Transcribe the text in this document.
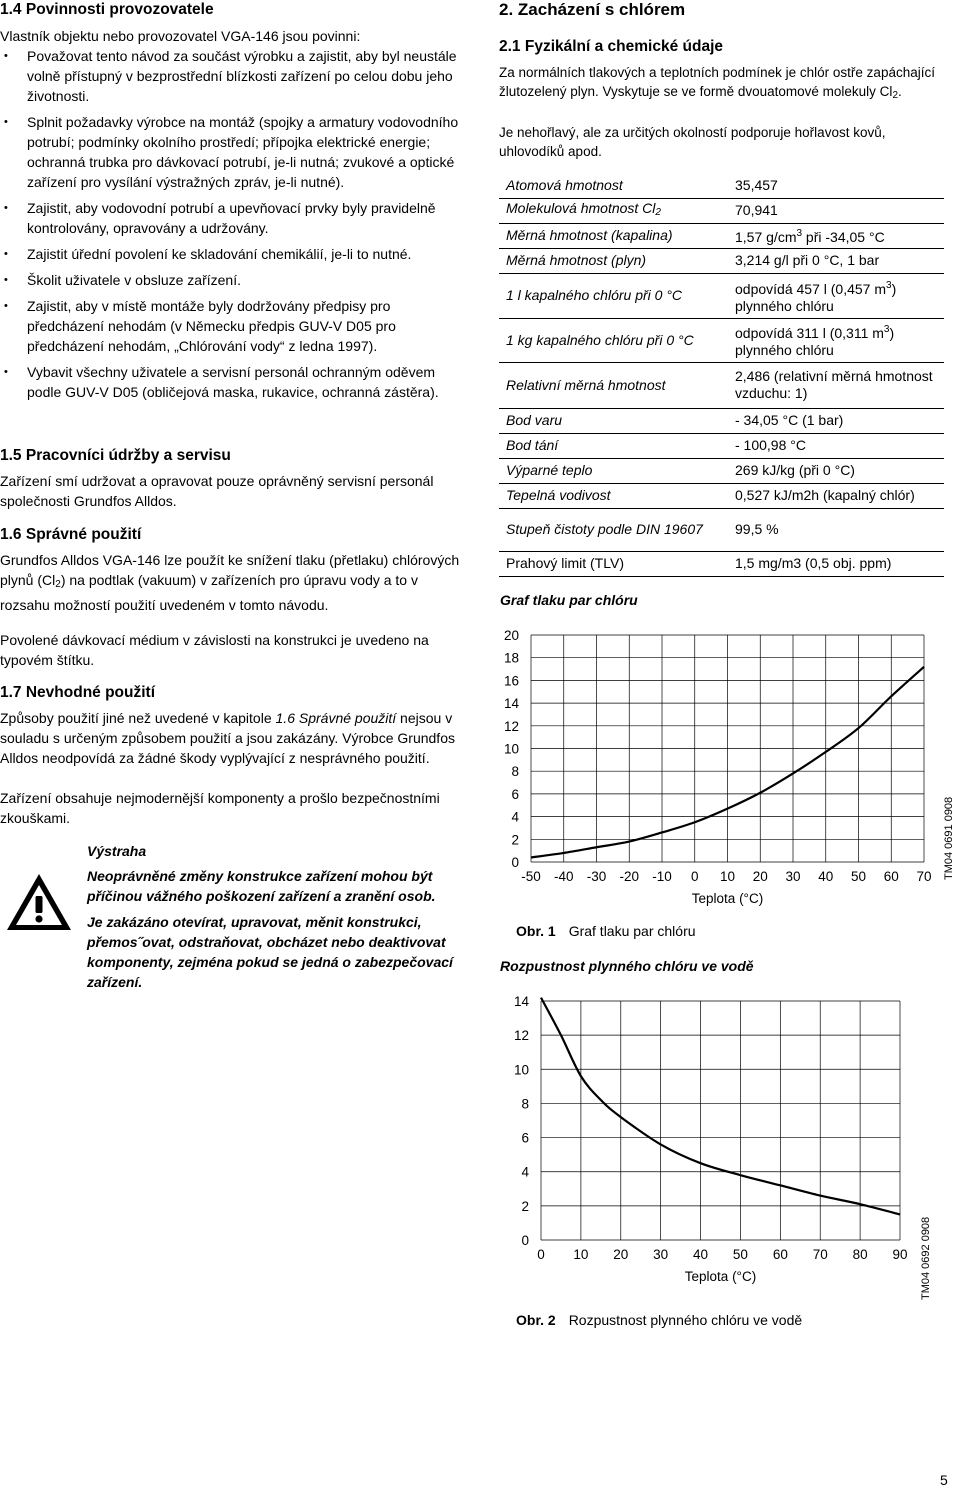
1.4 Povinnosti provozovatele

Vlastník objektu nebo provozovatel VGA-146 jsou povinni:

• Považovat tento návod za součást výrobku a zajistit, aby byl neustále volně přístupný v bezprostřední blízkosti zařízení po celou dobu jeho životnosti.
• Splnit požadavky výrobce na montáž (spojky a armatury vodovodního potrubí; podmínky okolního prostředí; přípojka elektrické energie; ochranná trubka pro dávkovací potrubí, je-li nutná; zvukové a optické zařízení pro vysílání výstražných zpráv, je-li nutné).
• Zajistit, aby vodovodní potrubí a upevňovací prvky byly pravidelně kontrolovány, opravovány a udržovány.
• Zajistit úřední povolení ke skladování chemikálií, je-li to nutné.
• Školit uživatele v obsluze zařízení.
• Zajistit, aby v místě montáže byly dodržovány předpisy pro předcházení nehodám (v Německu předpis GUV-V D05 pro předcházení nehodám, „Chlórování vody“ z ledna 1997).
• Vybavit všechny uživatele a servisní personál ochranným oděvem podle GUV-V D05 (obličejová maska, rukavice, ochranná zástěra).
1.5 Pracovníci údržby a servisu

Zařízení smí udržovat a opravovat pouze oprávněný servisní personál společnosti Grundfos Alldos.

1.6 Správné použití

Grundfos Alldos VGA-146 lze použít ke snížení tlaku (přetlaku) chlórových plynů $(Cl_2)$ na podtlak (vakuum) v zařízeních pro úpravu vody a to v rozsahu možností použití uvedeném v tomto návodu.

Povolené dávkovací médium v závislosti na konstrukci je uvedeno na typovém štítku.

1.7 Nevhodné použití

Způsoby použití jiné než uvedené v kapitole 1.6 Správné použití nejsou v souladu s určeným způsobem použití a jsou zakázány. Výrobce Grundfos Alldos neodpovídá za žádné škody vyplývající z nesprávného použití.

Zařízení obsahuje nejmodernější komponenty a prošlo bezpečnostními zkouškami.

Výstraha
Neoprávněné změny konstrukce zařízení mohou být příčinou vážného poškození zařízení a zranění osob.
Je zakázáno otevírat, upravovat, měnit konstrukci, přemos˝ovat, odstraňovat, obcházet nebo deaktivovat komponenty, zejména pokud se jedná o zabezpečovací zařízení.
2. Zacházení s chlórem
2.1 Fyzikální a chemické údaje

Za normálních tlakových a teplotních podmínek je chlór ostře zapáchající žlutozelený plyn. Vyskytuje se ve formě dvouatomové molekuly $Cl_2$.

Je nehořlavý, ale za určitých okolností podporuje hořlavost kovů, uhlovodíků apod.

Atomová hmotnost	35,457
Molekulová hmotnost $Cl_2$	70,941
Měrná hmotnost (kapalina)	1,57 $g/cm^3$ při -34,05 °C
Měrná hmotnost (plyn)	3,214 g/l při 0 °C, 1 bar
1 l kapalného chlóru při 0 °C	odpovídá 457 l (0,457 $m^3$) plynného chlóru
1 kg kapalného chlóru při 0 °C	odpovídá 311 l (0,311 $m^3$) plynného chlóru
Relativní měrná hmotnost	2,486 (relativní měrná hmotnost vzduchu: 1)
Bod varu	- 34,05 °C (1 bar)
Bod tání	- 100,98 °C
Výparné teplo	269 kJ/kg (při 0 °C)
Tepelná vodivost	0,527 kJ/m2h (kapalný chlór)
Stupeň čistoty podle DIN 19607	99,5 %
Prahový limit (TLV)	1,5 mg/m3 (0,5 obj. ppm)
Graf tlaku par chlóru
-50 -40 -30 -20 -10 0 10 20 30 40 50 60 70
0
2
4
6
8
10
12
14
16
18
20
Teplota (°C)
Obr. 1 Graf tlaku par chlóru
TM04 0691 0908
Rozpustnost plynného chlóru ve vodě
0 10 20 30 40 50 60 70 80 90
0
2
4
6
8
10
12
14
Teplota (°C)
Obr. 2 Rozpustnost plynného chlóru ve vodě
TM04 0692 0908
5
